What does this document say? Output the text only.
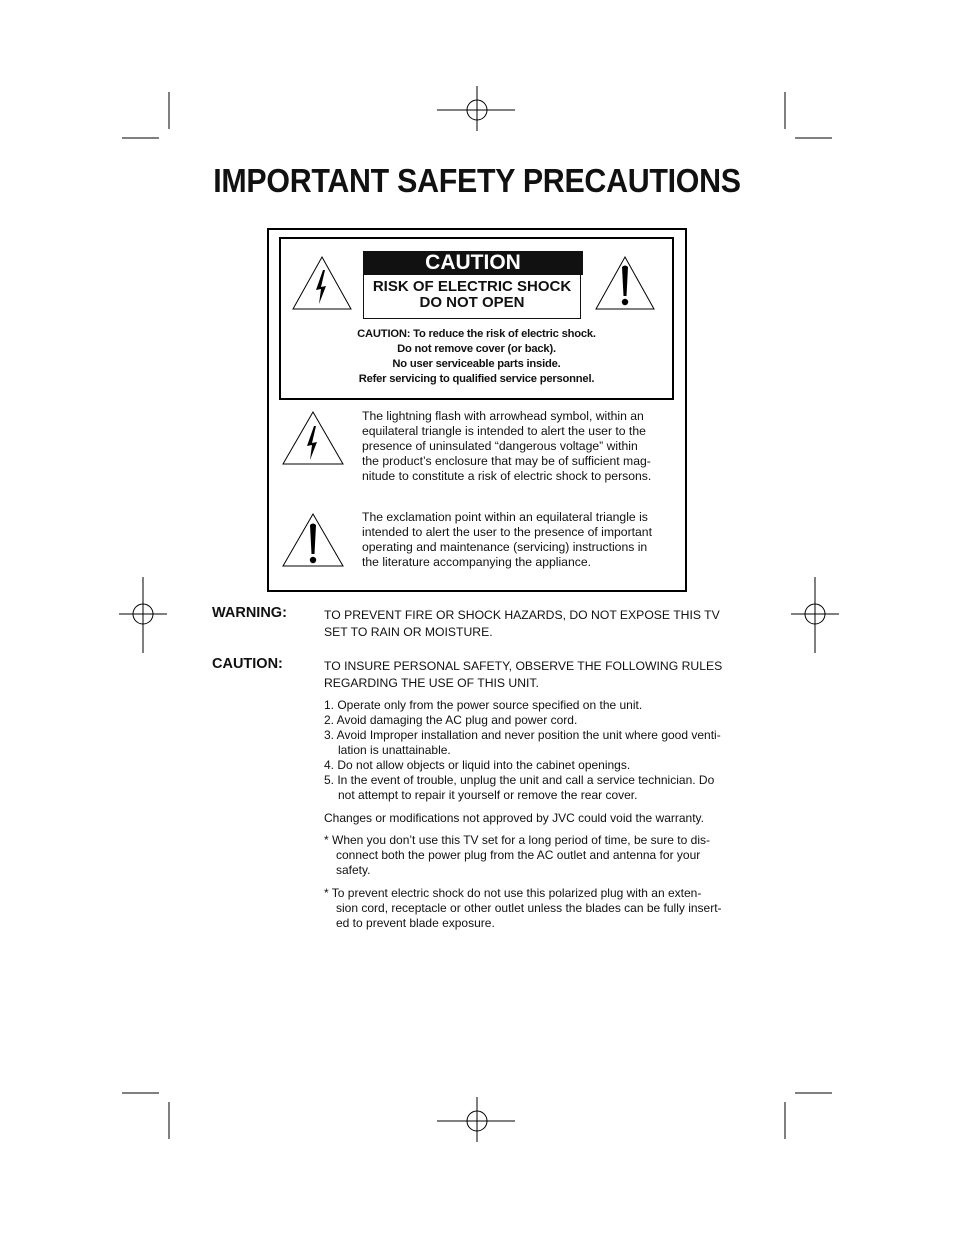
IMPORTANT SAFETY PRECAUTIONS
CAUTION
RISK OF ELECTRIC SHOCK
DO NOT OPEN
CAUTION: To reduce the risk of electric shock.
Do not remove cover (or back).
No user serviceable parts inside.
Refer servicing to qualified service personnel.
The lightning flash with arrowhead symbol, within an
equilateral triangle is intended to alert the user to the
presence of uninsulated “dangerous voltage” within
the product’s enclosure that may be of sufficient mag-
nitude to constitute a risk of electric shock to persons.
The exclamation point within an equilateral triangle is
intended to alert the user to the presence of important
operating and maintenance (servicing) instructions in
the literature accompanying the appliance.
WARNING:	TO PREVENT FIRE OR SHOCK HAZARDS, DO NOT EXPOSE THIS TV
SET TO RAIN OR MOISTURE.
CAUTION:	TO INSURE PERSONAL SAFETY, OBSERVE THE FOLLOWING RULES
REGARDING THE USE OF THIS UNIT.
1. Operate only from the power source specified on the unit.
2. Avoid damaging the AC plug and power cord.
3. Avoid Improper installation and never position the unit where good venti-
lation is unattainable.
4. Do not allow objects or liquid into the cabinet openings.
5. In the event of trouble, unplug the unit and call a service technician. Do
not attempt to repair it yourself or remove the rear cover.
Changes or modifications not approved by JVC could void the warranty.
* When you don’t use this TV set for a long period of time, be sure to dis-
connect both the power plug from the AC outlet and antenna for your
safety.
* To prevent electric shock do not use this polarized plug with an exten-
sion cord, receptacle or other outlet unless the blades can be fully insert-
ed to prevent blade exposure.
